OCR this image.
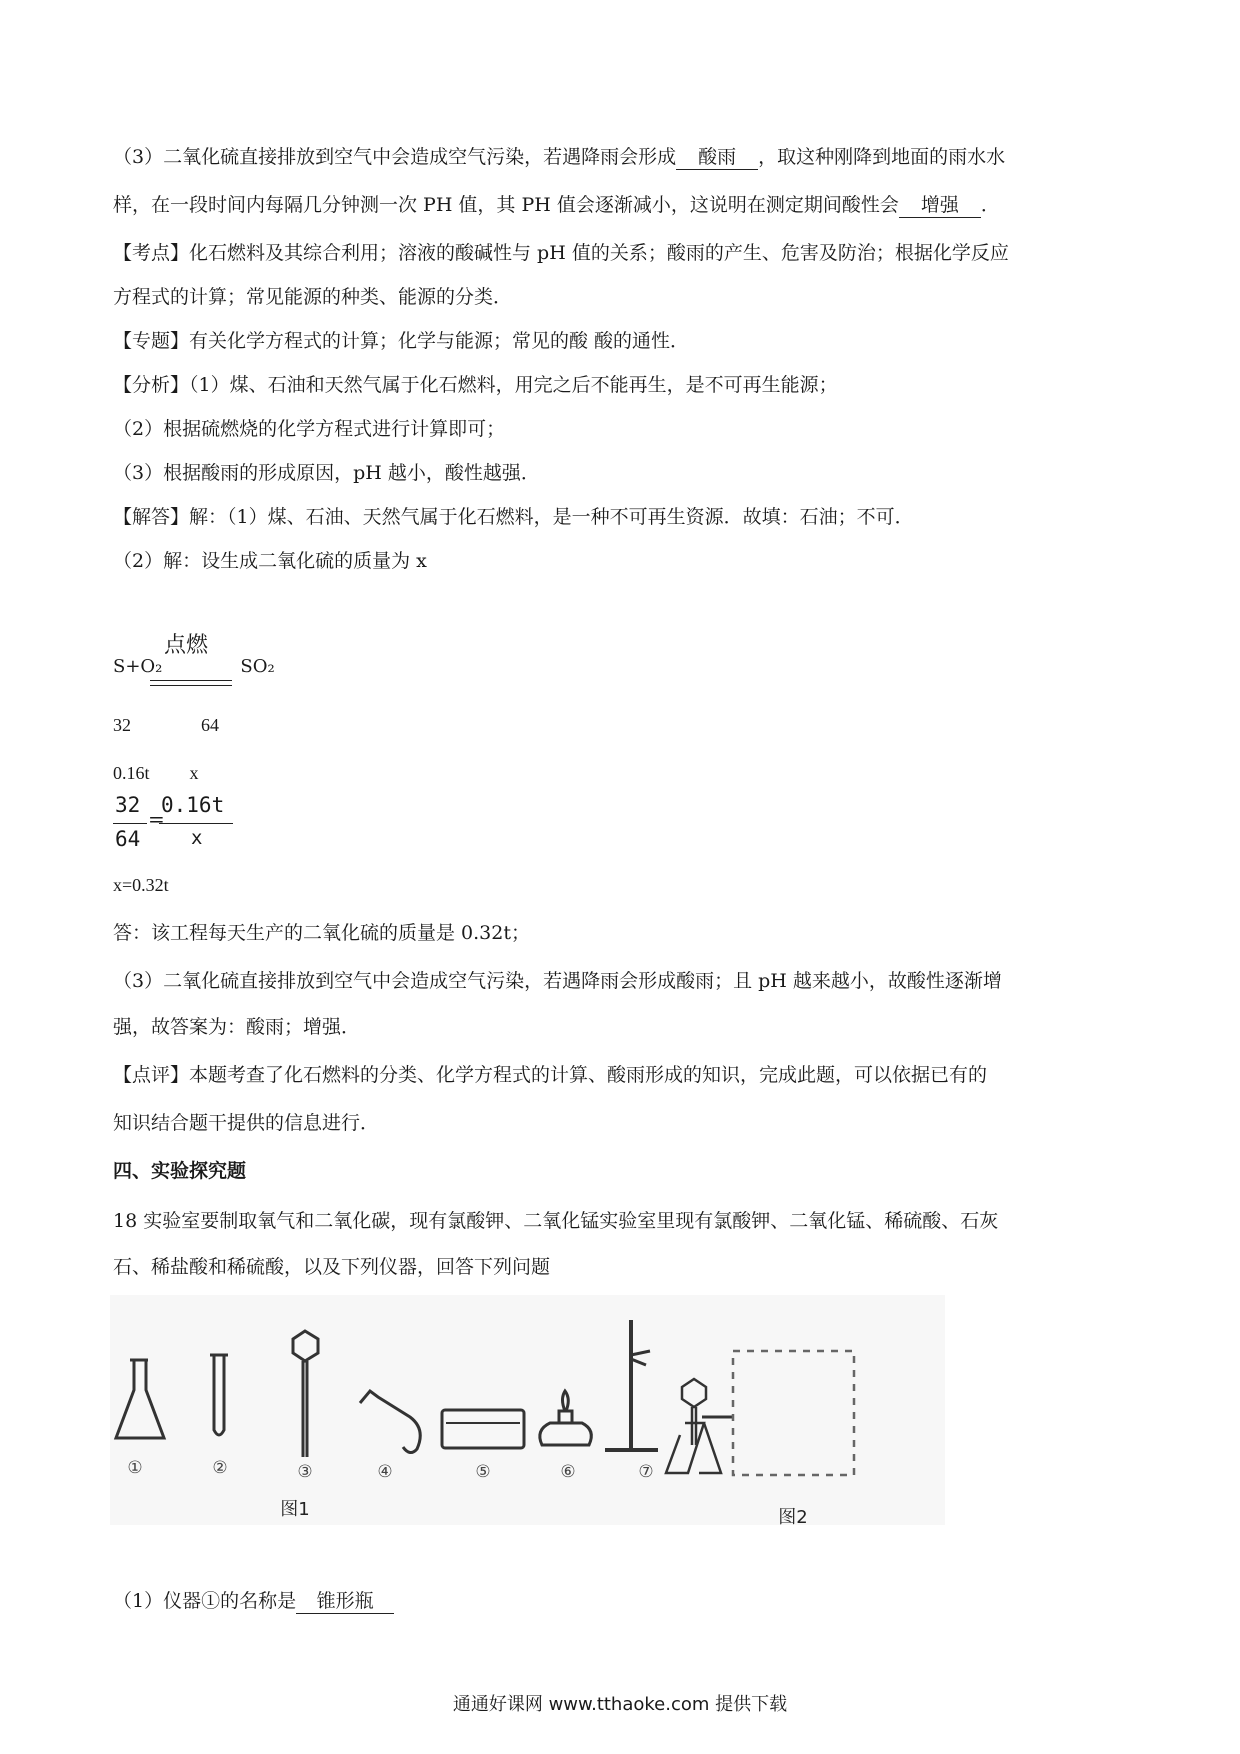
（3）二氧化硫直接排放到空气中会造成空气污染，若遇降雨会形成 酸雨 ，取这种刚降到地面的雨水水
样，在一段时间内每隔几分钟测一次 PH 值，其 PH 值会逐渐减小，这说明在测定期间酸性会 增强 ．
【考点】化石燃料及其综合利用；溶液的酸碱性与 pH 值的关系；酸雨的产生、危害及防治；根据化学反应
方程式的计算；常见能源的种类、能源的分类．
【专题】有关化学方程式的计算；化学与能源；常见的酸 酸的通性．
【分析】（1）煤、石油和天然气属于化石燃料，用完之后不能再生，是不可再生能源；
（2）根据硫燃烧的化学方程式进行计算即可；
（3）根据酸雨的形成原因，pH 越小，酸性越强．
【解答】解：（1）煤、石油、天然气属于化石燃料，是一种不可再生资源．故填：石油；不可．
（2）解：设生成二氧化硫的质量为 x
点燃
S+O₂	SO₂
32	64
0.16t x
32
64
=
0.16t
x
x=0.32t
答：该工程每天生产的二氧化硫的质量是 0.32t；
（3）二氧化硫直接排放到空气中会造成空气污染，若遇降雨会形成酸雨；且 pH 越来越小，故酸性逐渐增
强，故答案为：酸雨；增强．
【点评】本题考查了化石燃料的分类、化学方程式的计算、酸雨形成的知识，完成此题，可以依据已有的
知识结合题干提供的信息进行．
四、实验探究题
18 实验室要制取氧气和二氧化碳，现有氯酸钾、二氧化锰实验室里现有氯酸钾、二氧化锰、稀硫酸、石灰
石、稀盐酸和稀硫酸，以及下列仪器，回答下列问题
①	②	③	④	⑤	⑥	⑦
图1	图2
（1）仪器①的名称是 锥形瓶
通通好课网 www.tthaoke.com 提供下载
